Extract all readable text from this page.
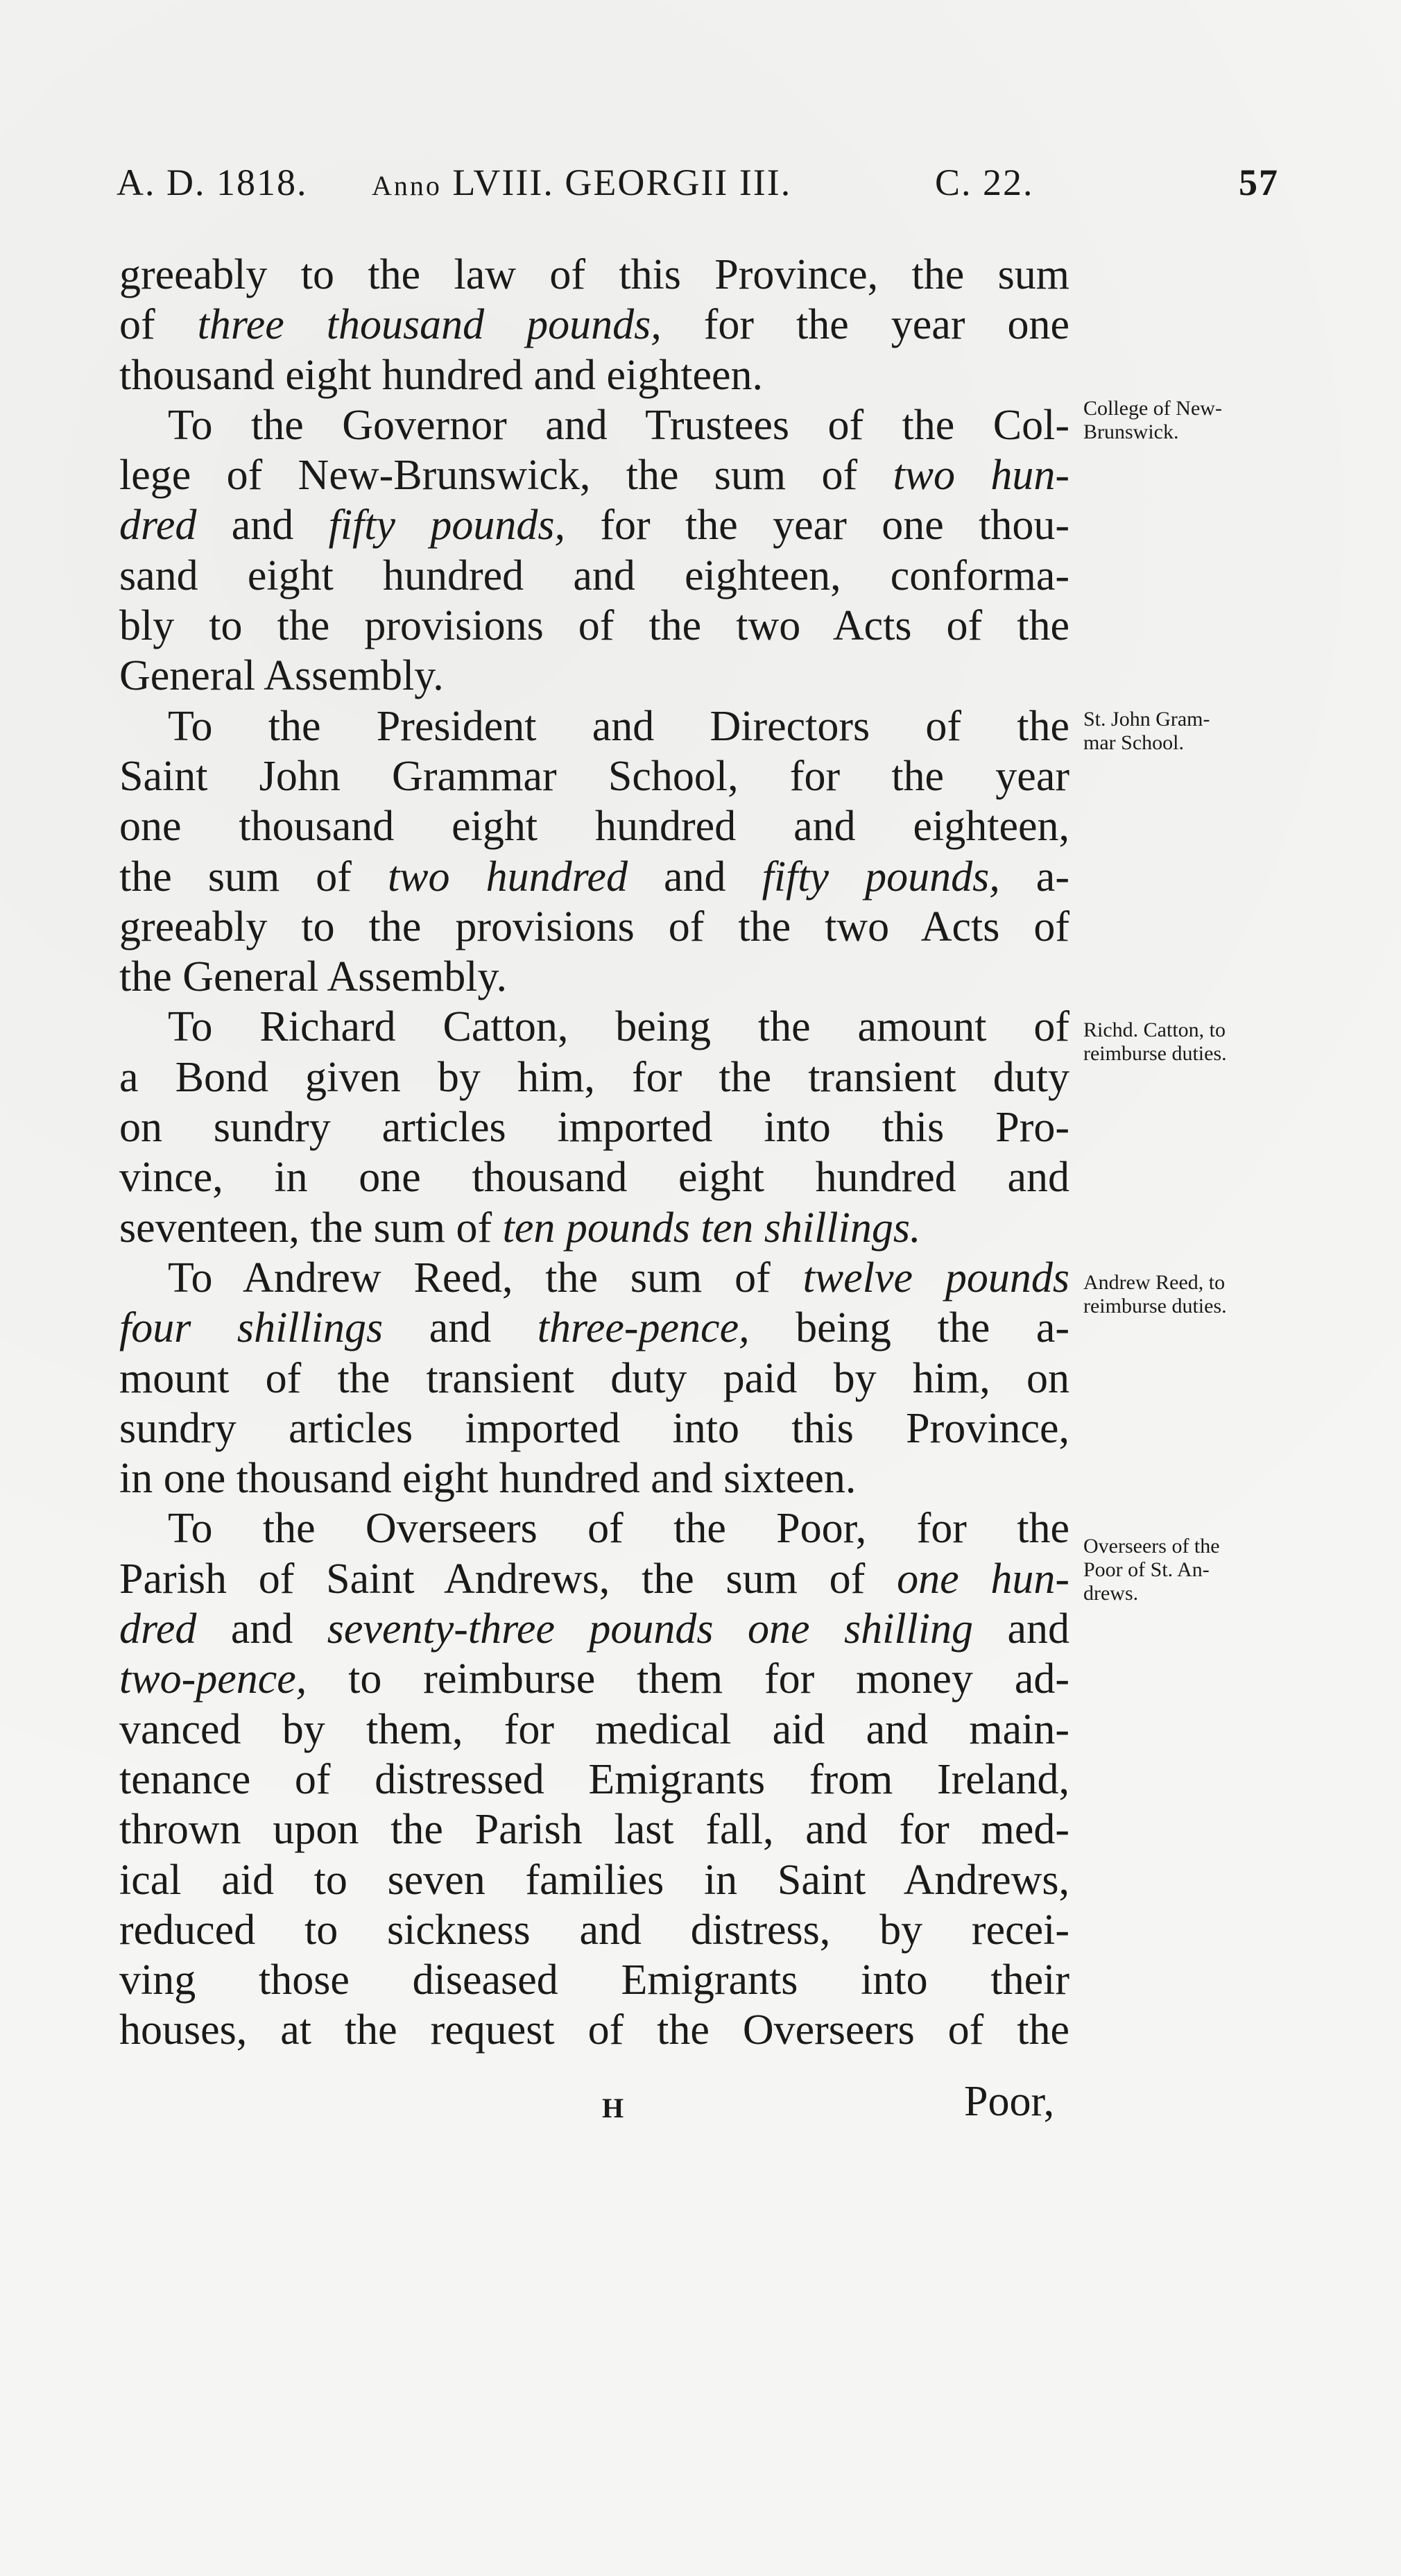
A. D. 1818. Anno LVIII. GEORGII III.	C. 22.	57
greeably to the law of this Province, the sum
of three thousand pounds, for the year one
thousand eight hundred and eighteen.
To the Governor and Trustees of the Col-
lege of New-Brunswick, the sum of two hun-
dred and fifty pounds, for the year one thou-
sand eight hundred and eighteen, conforma-
bly to the provisions of the two Acts of the
General Assembly.
To the President and Directors of the
Saint John Grammar School, for the year
one thousand eight hundred and eighteen,
the sum of two hundred and fifty pounds, a-
greeably to the provisions of the two Acts of
the General Assembly.
To Richard Catton, being the amount of
a Bond given by him, for the transient duty
on sundry articles imported into this Pro-
vince, in one thousand eight hundred and
seventeen, the sum of ten pounds ten shillings.
To Andrew Reed, the sum of twelve pounds
four shillings and three-pence, being the a-
mount of the transient duty paid by him, on
sundry articles imported into this Province,
in one thousand eight hundred and sixteen.
To the Overseers of the Poor, for the
Parish of Saint Andrews, the sum of one hun-
dred and seventy-three pounds one shilling and
two-pence, to reimburse them for money ad-
vanced by them, for medical aid and main-
tenance of distressed Emigrants from Ireland,
thrown upon the Parish last fall, and for med-
ical aid to seven families in Saint Andrews,
reduced to sickness and distress, by recei-
ving those diseased Emigrants into their
houses, at the request of the Overseers of the
College of New-
Brunswick.
St. John Gram-
mar School.
Richd. Catton, to
reimburse duties.
Andrew Reed, to
reimburse duties.
Overseers of the
Poor of St. An-
drews.
H	Poor,
